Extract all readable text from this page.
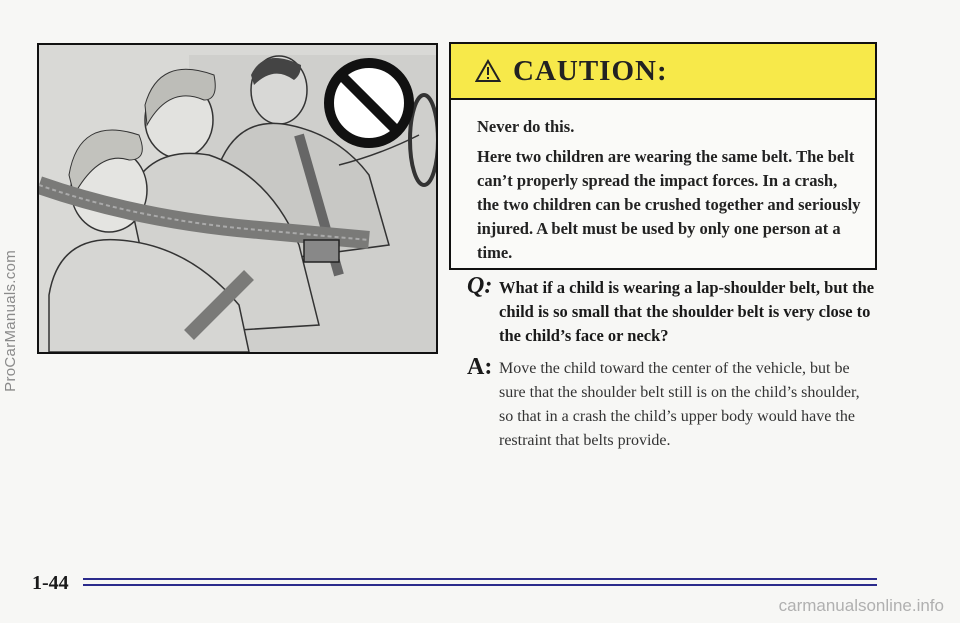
ProCarManuals.com
CAUTION:

Never do this.

Here two children are wearing the same belt. The belt can’t properly spread the impact forces. In a crash, the two children can be crushed together and seriously injured. A belt must be used by only one person at a time.

Q: What if a child is wearing a lap-shoulder belt, but the child is so small that the shoulder belt is very close to the child’s face or neck?
A: Move the child toward the center of the vehicle, but be sure that the shoulder belt still is on the child’s shoulder, so that in a crash the child’s upper body would have the restraint that belts provide.
1-44
carmanualsonline.info
